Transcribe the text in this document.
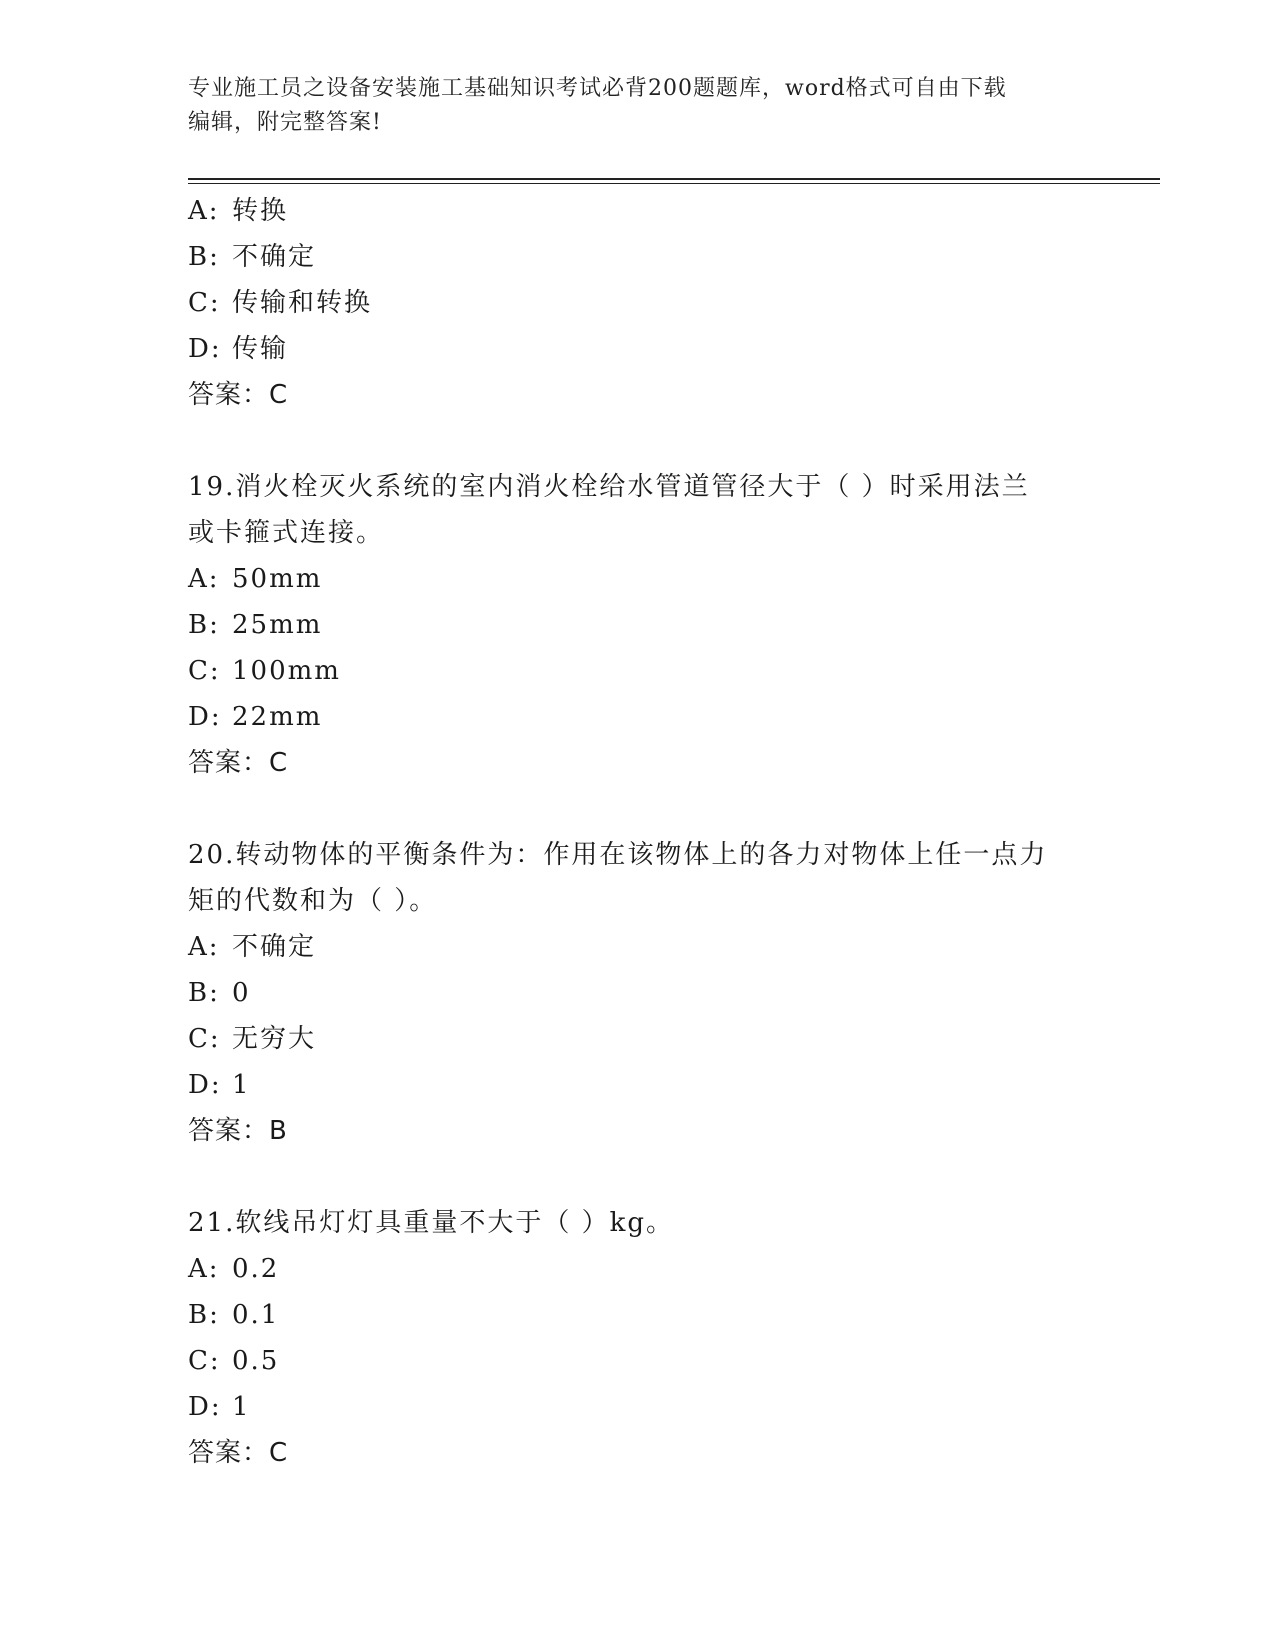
专业施工员之设备安装施工基础知识考试必背200题题库，word格式可自由下载
编辑，附完整答案!
A: 转换
B: 不确定
C: 传输和转换
D: 传输
答案：C
19.消火栓灭火系统的室内消火栓给水管道管径大于（ ）时采用法兰
或卡箍式连接。
A: 50mm
B: 25mm
C: 100mm
D: 22mm
答案：C
20.转动物体的平衡条件为：作用在该物体上的各力对物体上任一点力
矩的代数和为（ ）。
A: 不确定
B: 0
C: 无穷大
D: 1
答案：B
21.软线吊灯灯具重量不大于（ ）kg。
A: 0.2
B: 0.1
C: 0.5
D: 1
答案：C
